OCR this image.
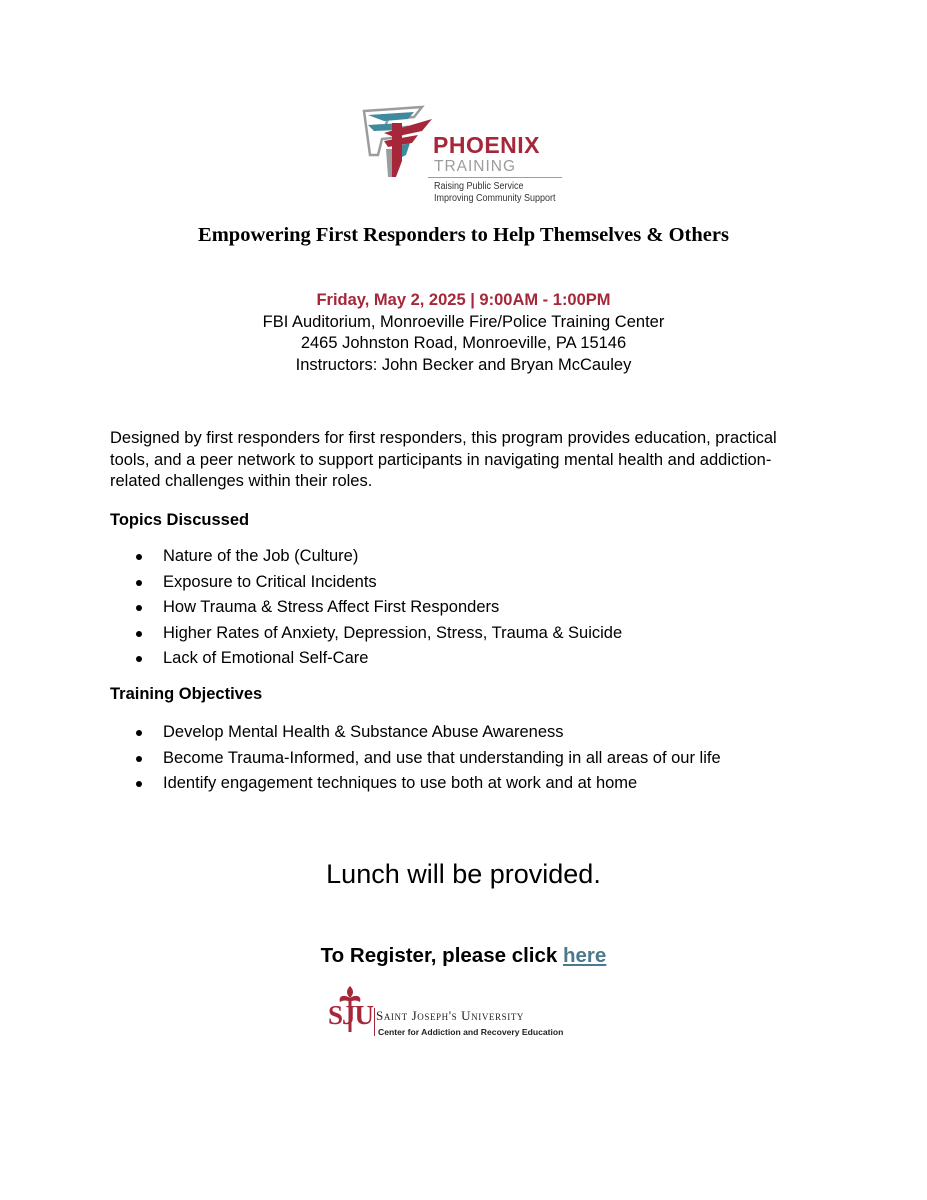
PHOENIX
TRAINING
Raising Public Service
Improving Community Support
Empowering First Responders to Help Themselves & Others
Friday, May 2, 2025 | 9:00AM - 1:00PM
FBI Auditorium, Monroeville Fire/Police Training Center
2465 Johnston Road, Monroeville, PA 15146
Instructors: John Becker and Bryan McCauley

Designed by first responders for first responders, this program provides education, practical tools, and a peer network to support participants in navigating mental health and addiction-related challenges within their roles.

Topics Discussed
Nature of the Job (Culture)
Exposure to Critical Incidents
How Trauma & Stress Affect First Responders
Higher Rates of Anxiety, Depression, Stress, Trauma & Suicide
Lack of Emotional Self-Care
Training Objectives
Develop Mental Health & Substance Abuse Awareness
Become Trauma-Informed, and use that understanding in all areas of our life
Identify engagement techniques to use both at work and at home
Lunch will be provided.
To Register, please click here
SJU Saint Joseph's University
Center for Addiction and Recovery Education
